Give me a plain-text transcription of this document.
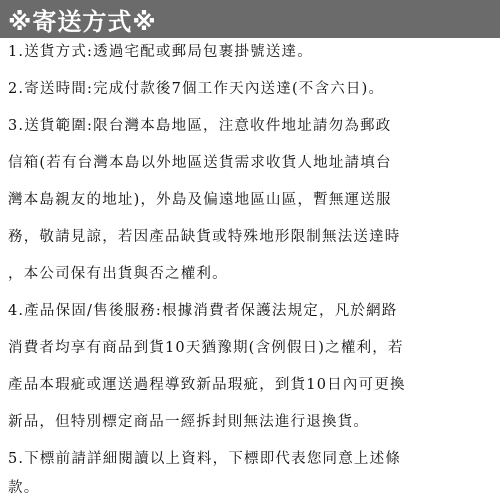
※寄送方式※
1.送貨方式:透過宅配或郵局包裹掛號送達。
2.寄送時間:完成付款後7個工作天內送達(不含六日)。
3.送貨範圍:限台灣本島地區，注意收件地址請勿為郵政
信箱(若有台灣本島以外地區送貨需求收貨人地址請填台
灣本島親友的地址)，外島及偏遠地區山區，暫無運送服
務，敬請見諒，若因產品缺貨或特殊地形限制無法送達時
，本公司保有出貨與否之權利。
4.產品保固/售後服務:根據消費者保護法規定，凡於網路
消費者均享有商品到貨10天猶豫期(含例假日)之權利，若
產品本瑕疵或運送過程導致新品瑕疵，到貨10日內可更換
新品，但特別標定商品一經拆封則無法進行退換貨。
5.下標前請詳細閱讀以上資料，下標即代表您同意上述條
款。
